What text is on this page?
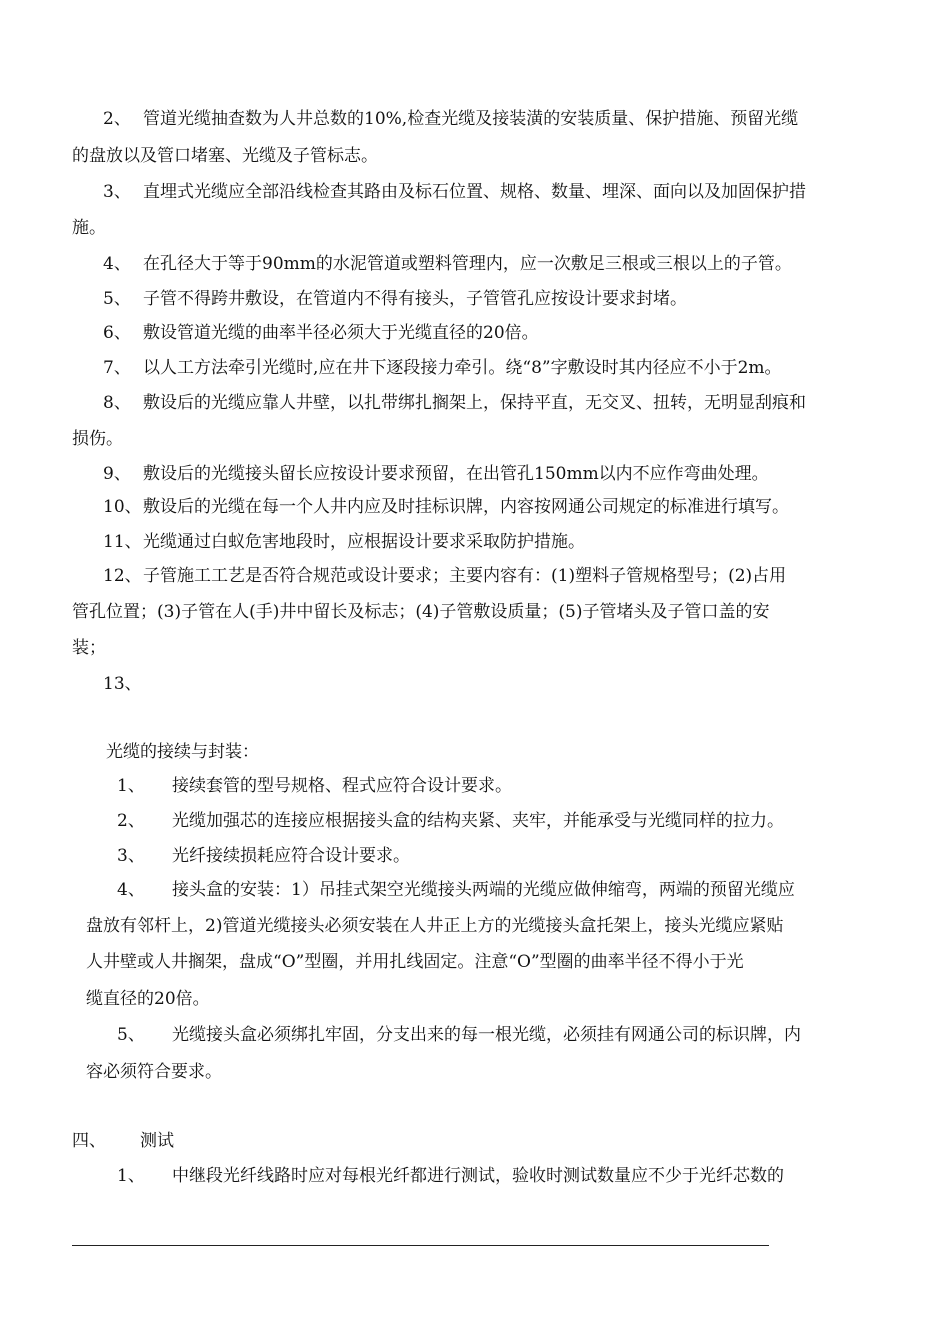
2、 管道光缆抽查数为人井总数的10%,检查光缆及接装潢的安装质量、保护措施、预留光缆
的盘放以及管口堵塞、光缆及子管标志。
3、 直埋式光缆应全部沿线检查其路由及标石位置、规格、数量、埋深、面向以及加固保护措
施。
4、 在孔径大于等于90mm的水泥管道或塑料管理内，应一次敷足三根或三根以上的子管。
5、 子管不得跨井敷设，在管道内不得有接头，子管管孔应按设计要求封堵。
6、 敷设管道光缆的曲率半径必须大于光缆直径的20倍。
7、 以人工方法牵引光缆时,应在井下逐段接力牵引。绕“8”字敷设时其内径应不小于2m。
8、 敷设后的光缆应靠人井壁，以扎带绑扎搁架上，保持平直，无交叉、扭转，无明显刮痕和
损伤。
9、 敷设后的光缆接头留长应按设计要求预留，在出管孔150mm以内不应作弯曲处理。
10、 敷设后的光缆在每一个人井内应及时挂标识牌，内容按网通公司规定的标准进行填写。
11、 光缆通过白蚁危害地段时，应根据设计要求采取防护措施。
12、 子管施工工艺是否符合规范或设计要求；主要内容有：(1)塑料子管规格型号；(2)占用
管孔位置；(3)子管在人(手)井中留长及标志；(4)子管敷设质量；(5)子管堵头及子管口盖的安
装；
13、
光缆的接续与封装：
1、 接续套管的型号规格、程式应符合设计要求。
2、 光缆加强芯的连接应根据接头盒的结构夹紧、夹牢，并能承受与光缆同样的拉力。
3、 光纤接续损耗应符合设计要求。
4、 接头盒的安装：1）吊挂式架空光缆接头两端的光缆应做伸缩弯，两端的预留光缆应
盘放有邻杆上，2)管道光缆接头必须安装在人井正上方的光缆接头盒托架上，接头光缆应紧贴
人井壁或人井搁架，盘成“O”型圈，并用扎线固定。注意“O”型圈的曲率半径不得小于光
缆直径的20倍。
5、 光缆接头盒必须绑扎牢固，分支出来的每一根光缆，必须挂有网通公司的标识牌，内
容必须符合要求。
四、 测试
1、 中继段光纤线路时应对每根光纤都进行测试，验收时测试数量应不少于光纤芯数的
